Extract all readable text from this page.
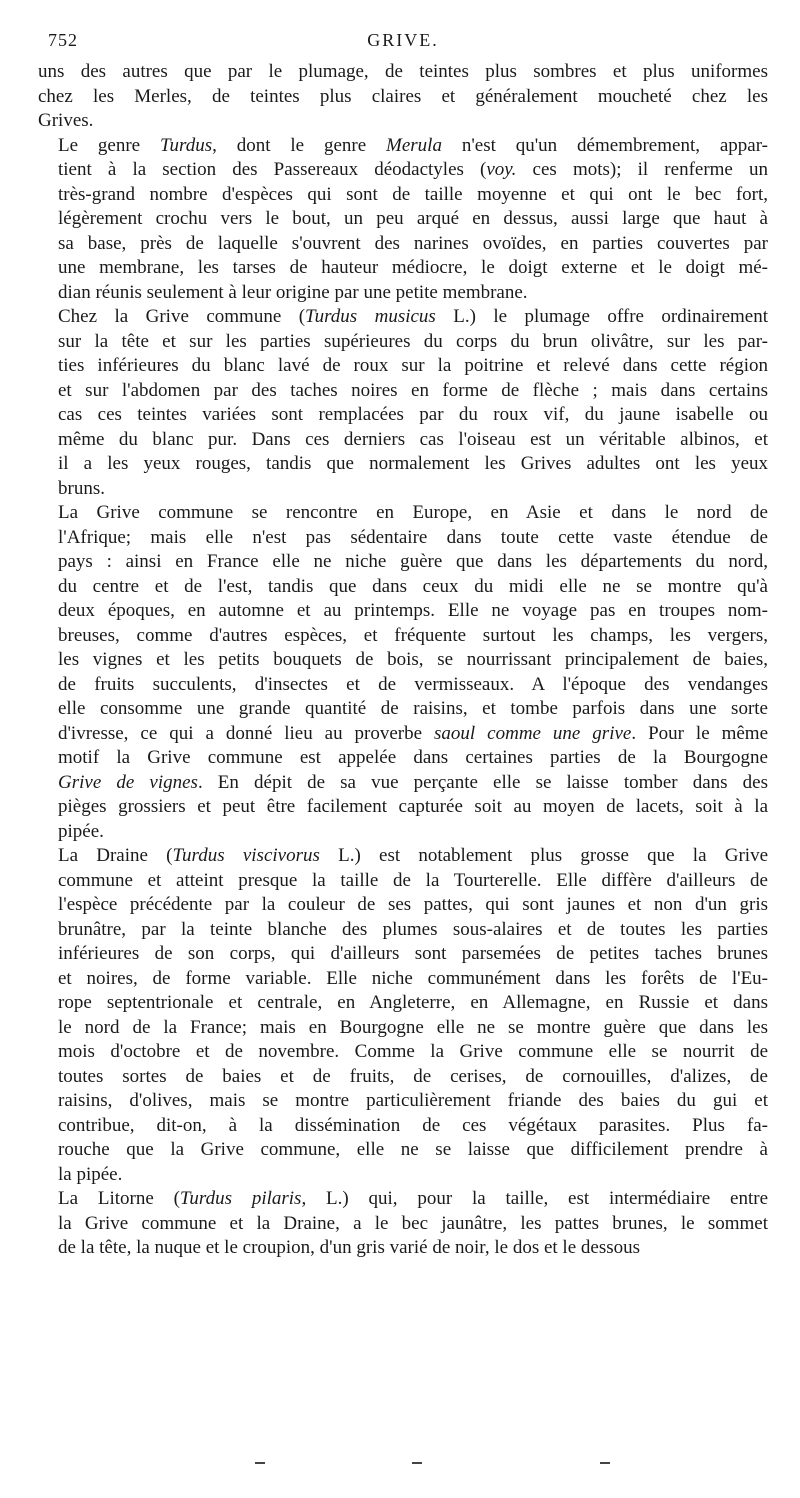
752	GRIVE.

uns des autres que par le plumage, de teintes plus sombres et plus uniformes
chez les Merles, de teintes plus claires et généralement moucheté chez les
Grives.

Le genre Turdus, dont le genre Merula n'est qu'un démembrement, appar-
tient à la section des Passereaux déodactyles (voy. ces mots); il renferme un
très-grand nombre d'espèces qui sont de taille moyenne et qui ont le bec fort,
légèrement crochu vers le bout, un peu arqué en dessus, aussi large que haut à
sa base, près de laquelle s'ouvrent des narines ovoïdes, en parties couvertes par
une membrane, les tarses de hauteur médiocre, le doigt externe et le doigt mé-
dian réunis seulement à leur origine par une petite membrane.

Chez la Grive commune (Turdus musicus L.) le plumage offre ordinairement
sur la tête et sur les parties supérieures du corps du brun olivâtre, sur les par-
ties inférieures du blanc lavé de roux sur la poitrine et relevé dans cette région
et sur l'abdomen par des taches noires en forme de flèche ; mais dans certains
cas ces teintes variées sont remplacées par du roux vif, du jaune isabelle ou
même du blanc pur. Dans ces derniers cas l'oiseau est un véritable albinos, et
il a les yeux rouges, tandis que normalement les Grives adultes ont les yeux
bruns.

La Grive commune se rencontre en Europe, en Asie et dans le nord de
l'Afrique; mais elle n'est pas sédentaire dans toute cette vaste étendue de
pays : ainsi en France elle ne niche guère que dans les départements du nord,
du centre et de l'est, tandis que dans ceux du midi elle ne se montre qu'à
deux époques, en automne et au printemps. Elle ne voyage pas en troupes nom-
breuses, comme d'autres espèces, et fréquente surtout les champs, les vergers,
les vignes et les petits bouquets de bois, se nourrissant principalement de baies,
de fruits succulents, d'insectes et de vermisseaux. A l'époque des vendanges
elle consomme une grande quantité de raisins, et tombe parfois dans une sorte
d'ivresse, ce qui a donné lieu au proverbe saoul comme une grive. Pour le même
motif la Grive commune est appelée dans certaines parties de la Bourgogne
Grive de vignes. En dépit de sa vue perçante elle se laisse tomber dans des
pièges grossiers et peut être facilement capturée soit au moyen de lacets, soit à la
pipée.

La Draine (Turdus viscivorus L.) est notablement plus grosse que la Grive
commune et atteint presque la taille de la Tourterelle. Elle diffère d'ailleurs de
l'espèce précédente par la couleur de ses pattes, qui sont jaunes et non d'un gris
brunâtre, par la teinte blanche des plumes sous-alaires et de toutes les parties
inférieures de son corps, qui d'ailleurs sont parsemées de petites taches brunes
et noires, de forme variable. Elle niche communément dans les forêts de l'Eu-
rope septentrionale et centrale, en Angleterre, en Allemagne, en Russie et dans
le nord de la France; mais en Bourgogne elle ne se montre guère que dans les
mois d'octobre et de novembre. Comme la Grive commune elle se nourrit de
toutes sortes de baies et de fruits, de cerises, de cornouilles, d'alizes, de
raisins, d'olives, mais se montre particulièrement friande des baies du gui et
contribue, dit-on, à la dissémination de ces végétaux parasites. Plus fa-
rouche que la Grive commune, elle ne se laisse que difficilement prendre à
la pipée.

La Litorne (Turdus pilaris, L.) qui, pour la taille, est intermédiaire entre
la Grive commune et la Draine, a le bec jaunâtre, les pattes brunes, le sommet
de la tête, la nuque et le croupion, d'un gris varié de noir, le dos et le dessous
